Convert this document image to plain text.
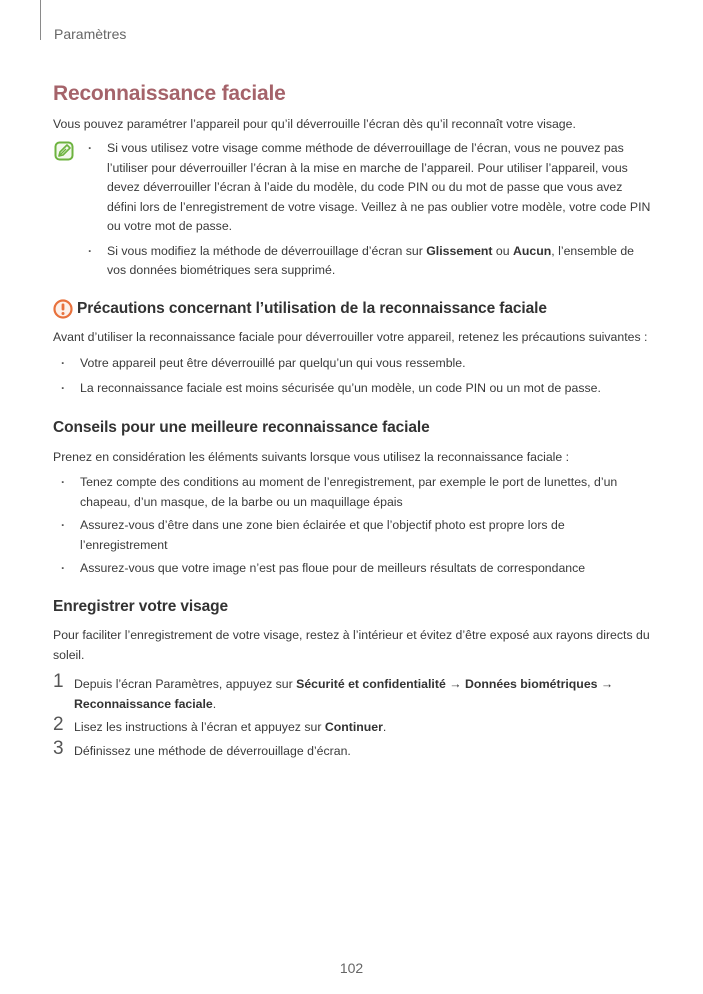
Paramètres
Reconnaissance faciale

Vous pouvez paramétrer l’appareil pour qu’il déverrouille l’écran dès qu’il reconnaît votre visage.

· Si vous utilisez votre visage comme méthode de déverrouillage de l’écran, vous ne pouvez pas l’utiliser pour déverrouiller l’écran à la mise en marche de l’appareil. Pour utiliser l’appareil, vous devez déverrouiller l’écran à l’aide du modèle, du code PIN ou du mot de passe que vous avez défini lors de l’enregistrement de votre visage. Veillez à ne pas oublier votre modèle, votre code PIN ou votre mot de passe.
· Si vous modifiez la méthode de déverrouillage d’écran sur Glissement ou Aucun, l’ensemble de vos données biométriques sera supprimé.
Précautions concernant l’utilisation de la reconnaissance faciale

Avant d’utiliser la reconnaissance faciale pour déverrouiller votre appareil, retenez les précautions suivantes :

· Votre appareil peut être déverrouillé par quelqu’un qui vous ressemble.
· La reconnaissance faciale est moins sécurisée qu’un modèle, un code PIN ou un mot de passe.
Conseils pour une meilleure reconnaissance faciale

Prenez en considération les éléments suivants lorsque vous utilisez la reconnaissance faciale :

· Tenez compte des conditions au moment de l’enregistrement, par exemple le port de lunettes, d’un chapeau, d’un masque, de la barbe ou un maquillage épais
· Assurez-vous d’être dans une zone bien éclairée et que l’objectif photo est propre lors de l’enregistrement
· Assurez-vous que votre image n’est pas floue pour de meilleurs résultats de correspondance
Enregistrer votre visage

Pour faciliter l’enregistrement de votre visage, restez à l’intérieur et évitez d’être exposé aux rayons directs du soleil.

1 Depuis l’écran Paramètres, appuyez sur Sécurité et confidentialité → Données biométriques →
Reconnaissance faciale.
2 Lisez les instructions à l’écran et appuyez sur Continuer.
3 Définissez une méthode de déverrouillage d’écran.
102
